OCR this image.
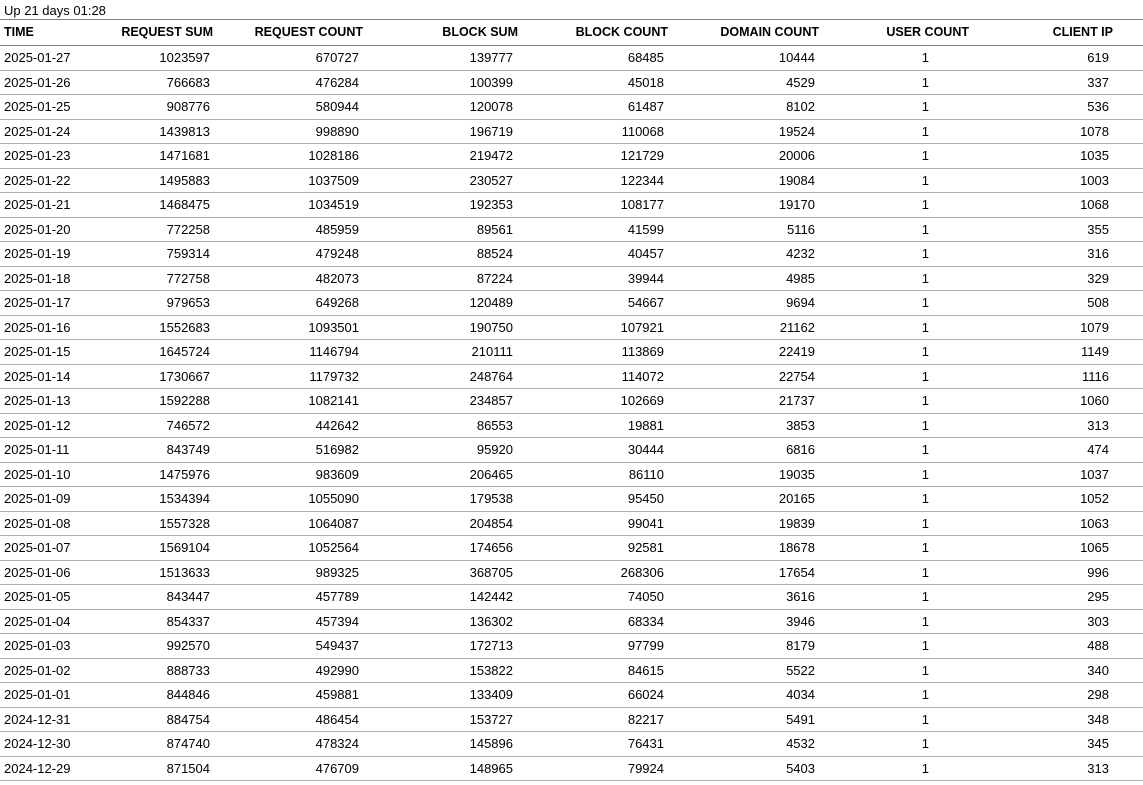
Up 21 days 01:28
TIME	REQUEST SUM	REQUEST COUNT	BLOCK SUM	BLOCK COUNT	DOMAIN COUNT	USER COUNT	CLIENT IP
2025-01-27	1023597	670727	139777	68485	10444	1	619
2025-01-26	766683	476284	100399	45018	4529	1	337
2025-01-25	908776	580944	120078	61487	8102	1	536
2025-01-24	1439813	998890	196719	110068	19524	1	1078
2025-01-23	1471681	1028186	219472	121729	20006	1	1035
2025-01-22	1495883	1037509	230527	122344	19084	1	1003
2025-01-21	1468475	1034519	192353	108177	19170	1	1068
2025-01-20	772258	485959	89561	41599	5116	1	355
2025-01-19	759314	479248	88524	40457	4232	1	316
2025-01-18	772758	482073	87224	39944	4985	1	329
2025-01-17	979653	649268	120489	54667	9694	1	508
2025-01-16	1552683	1093501	190750	107921	21162	1	1079
2025-01-15	1645724	1146794	210111	113869	22419	1	1149
2025-01-14	1730667	1179732	248764	114072	22754	1	1116
2025-01-13	1592288	1082141	234857	102669	21737	1	1060
2025-01-12	746572	442642	86553	19881	3853	1	313
2025-01-11	843749	516982	95920	30444	6816	1	474
2025-01-10	1475976	983609	206465	86110	19035	1	1037
2025-01-09	1534394	1055090	179538	95450	20165	1	1052
2025-01-08	1557328	1064087	204854	99041	19839	1	1063
2025-01-07	1569104	1052564	174656	92581	18678	1	1065
2025-01-06	1513633	989325	368705	268306	17654	1	996
2025-01-05	843447	457789	142442	74050	3616	1	295
2025-01-04	854337	457394	136302	68334	3946	1	303
2025-01-03	992570	549437	172713	97799	8179	1	488
2025-01-02	888733	492990	153822	84615	5522	1	340
2025-01-01	844846	459881	133409	66024	4034	1	298
2024-12-31	884754	486454	153727	82217	5491	1	348
2024-12-30	874740	478324	145896	76431	4532	1	345
2024-12-29	871504	476709	148965	79924	5403	1	313
